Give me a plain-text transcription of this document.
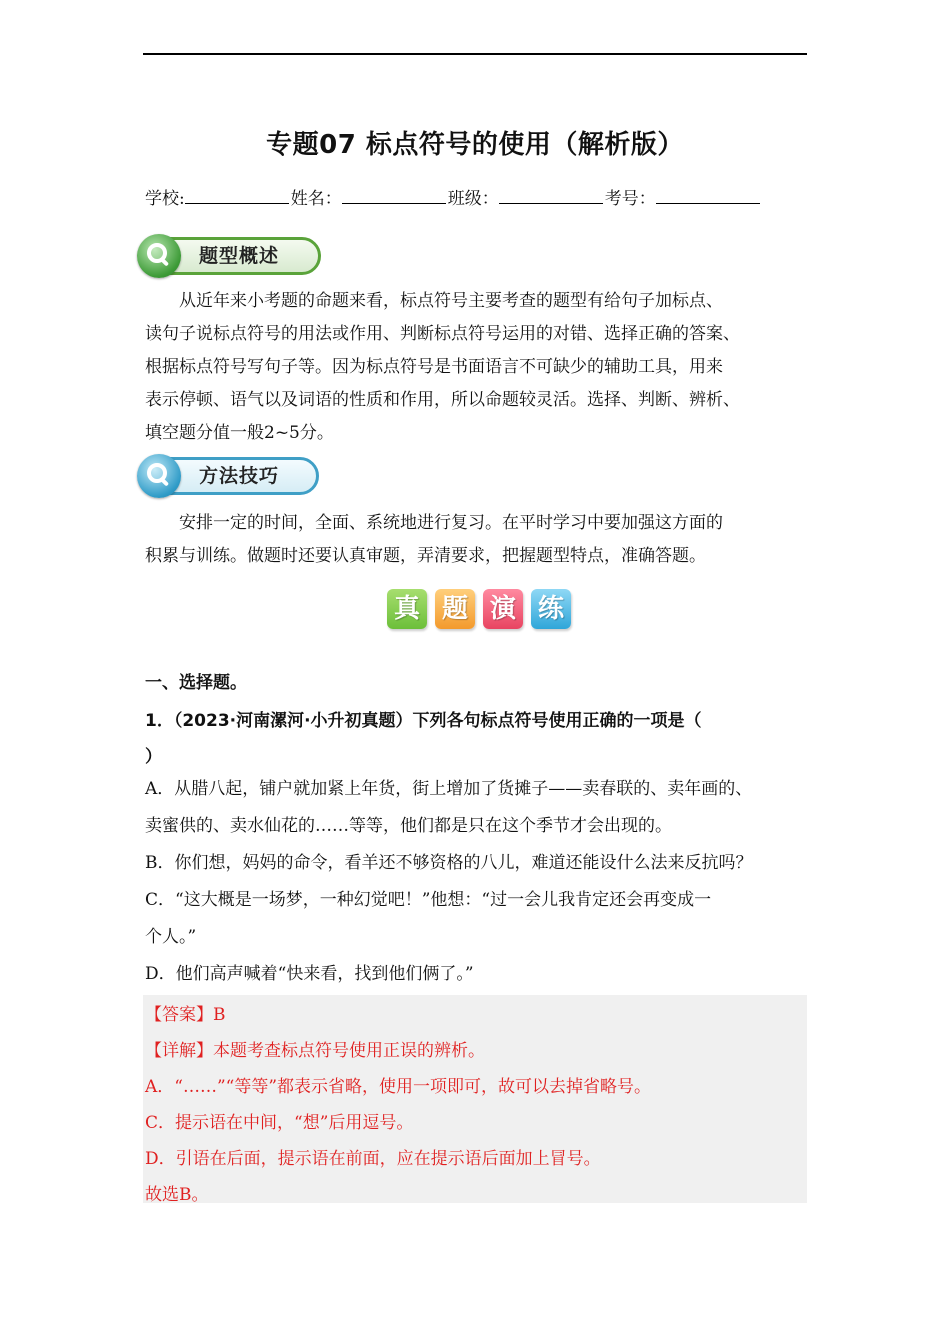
专题07 标点符号的使用（解析版）
学校:	姓名：	班级：	考号：
题型概述
从近年来小考题的命题来看，标点符号主要考查的题型有给句子加标点、
读句子说标点符号的用法或作用、判断标点符号运用的对错、选择正确的答案、
根据标点符号写句子等。因为标点符号是书面语言不可缺少的辅助工具，用来
表示停顿、语气以及词语的性质和作用，所以命题较灵活。选择、判断、辨析、
填空题分值一般2~5分。
方法技巧
安排一定的时间，全面、系统地进行复习。在平时学习中要加强这方面的
积累与训练。做题时还要认真审题，弄清要求，把握题型特点，准确答题。
真 题 演 练
一、选择题。
1．（2023·河南漯河·小升初真题）下列各句标点符号使用正确的一项是（
）
A．从腊八起，铺户就加紧上年货，街上增加了货摊子——卖春联的、卖年画的、
卖蜜供的、卖水仙花的……等等，他们都是只在这个季节才会出现的。
B．你们想，妈妈的命令，看羊还不够资格的八儿，难道还能设什么法来反抗吗？
C．“这大概是一场梦，一种幻觉吧！”他想：“过一会儿我肯定还会再变成一
个人。”
D．他们高声喊着“快来看，找到他们俩了。”
【答案】B
【详解】本题考查标点符号使用正误的辨析。
A．“……”“等等”都表示省略，使用一项即可，故可以去掉省略号。
C．提示语在中间，“想”后用逗号。
D．引语在后面，提示语在前面，应在提示语后面加上冒号。
故选B。
